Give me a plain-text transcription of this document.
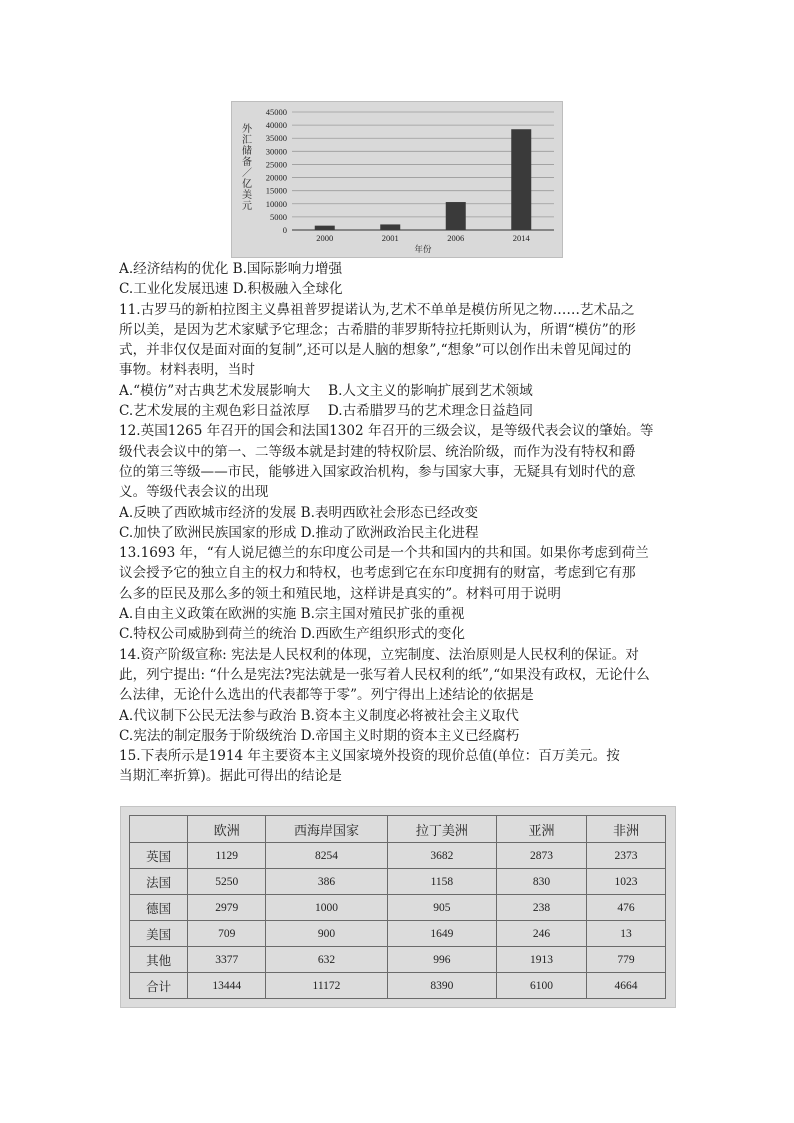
0
5000
10000
15000
20000
25000
30000
35000
40000
45000
2000	2001	2006	2014
年份
外
汇
储
备
／
亿
美
元
A.经济结构的优化 B.国际影响力增强
C.工业化发展迅速 D.积极融入全球化
11.古罗马的新柏拉图主义鼻祖普罗提诺认为,艺术不单单是模仿所见之物……艺术品之
所以美，是因为艺术家赋予它理念；古希腊的菲罗斯特拉托斯则认为，所谓“模仿”的形
式，并非仅仅是面对面的复制”,还可以是人脑的想象”,“想象”可以创作出未曾见闻过的
事物。材料表明，当时
A.“模仿”对古典艺术发展影响大　 B.人文主义的影响扩展到艺术领域
C.艺术发展的主观色彩日益浓厚　 D.古希腊罗马的艺术理念日益趋同
12.英国1265 年召开的国会和法国1302 年召开的三级会议，是等级代表会议的肇始。等
级代表会议中的第一、二等级本就是封建的特权阶层、统治阶级，而作为没有特权和爵
位的第三等级——市民，能够进入国家政治机构，参与国家大事，无疑具有划时代的意
义。等级代表会议的出现
A.反映了西欧城市经济的发展 B.表明西欧社会形态已经改变
C.加快了欧洲民族国家的形成 D.推动了欧洲政治民主化进程
13.1693 年，“有人说尼德兰的东印度公司是一个共和国内的共和国。如果你考虑到荷兰
议会授予它的独立自主的权力和特权，也考虑到它在东印度拥有的财富，考虑到它有那
么多的臣民及那么多的领土和殖民地，这样讲是真实的”。材料可用于说明
A.自由主义政策在欧洲的实施 B.宗主国对殖民扩张的重视
C.特权公司威胁到荷兰的统治 D.西欧生产组织形式的变化
14.资产阶级宣称: 宪法是人民权利的体现，立宪制度、法治原则是人民权利的保证。对
此，列宁提出: “什么是宪法?宪法就是一张写着人民权利的纸”,“如果没有政权，无论什么
么法律，无论什么选出的代表都等于零”。列宁得出上述结论的依据是
A.代议制下公民无法参与政治 B.资本主义制度必将被社会主义取代
C.宪法的制定服务于阶级统治 D.帝国主义时期的资本主义已经腐朽
15.下表所示是1914 年主要资本主义国家境外投资的现价总值(单位：百万美元。按
当期汇率折算)。据此可得出的结论是
	欧洲	西海岸国家	拉丁美洲	亚洲	非洲
英国	1129	8254	3682	2873	2373
法国	5250	386	1158	830	1023
德国	2979	1000	905	238	476
美国	709	900	1649	246	13
其他	3377	632	996	1913	779
合计	13444	11172	8390	6100	4664
